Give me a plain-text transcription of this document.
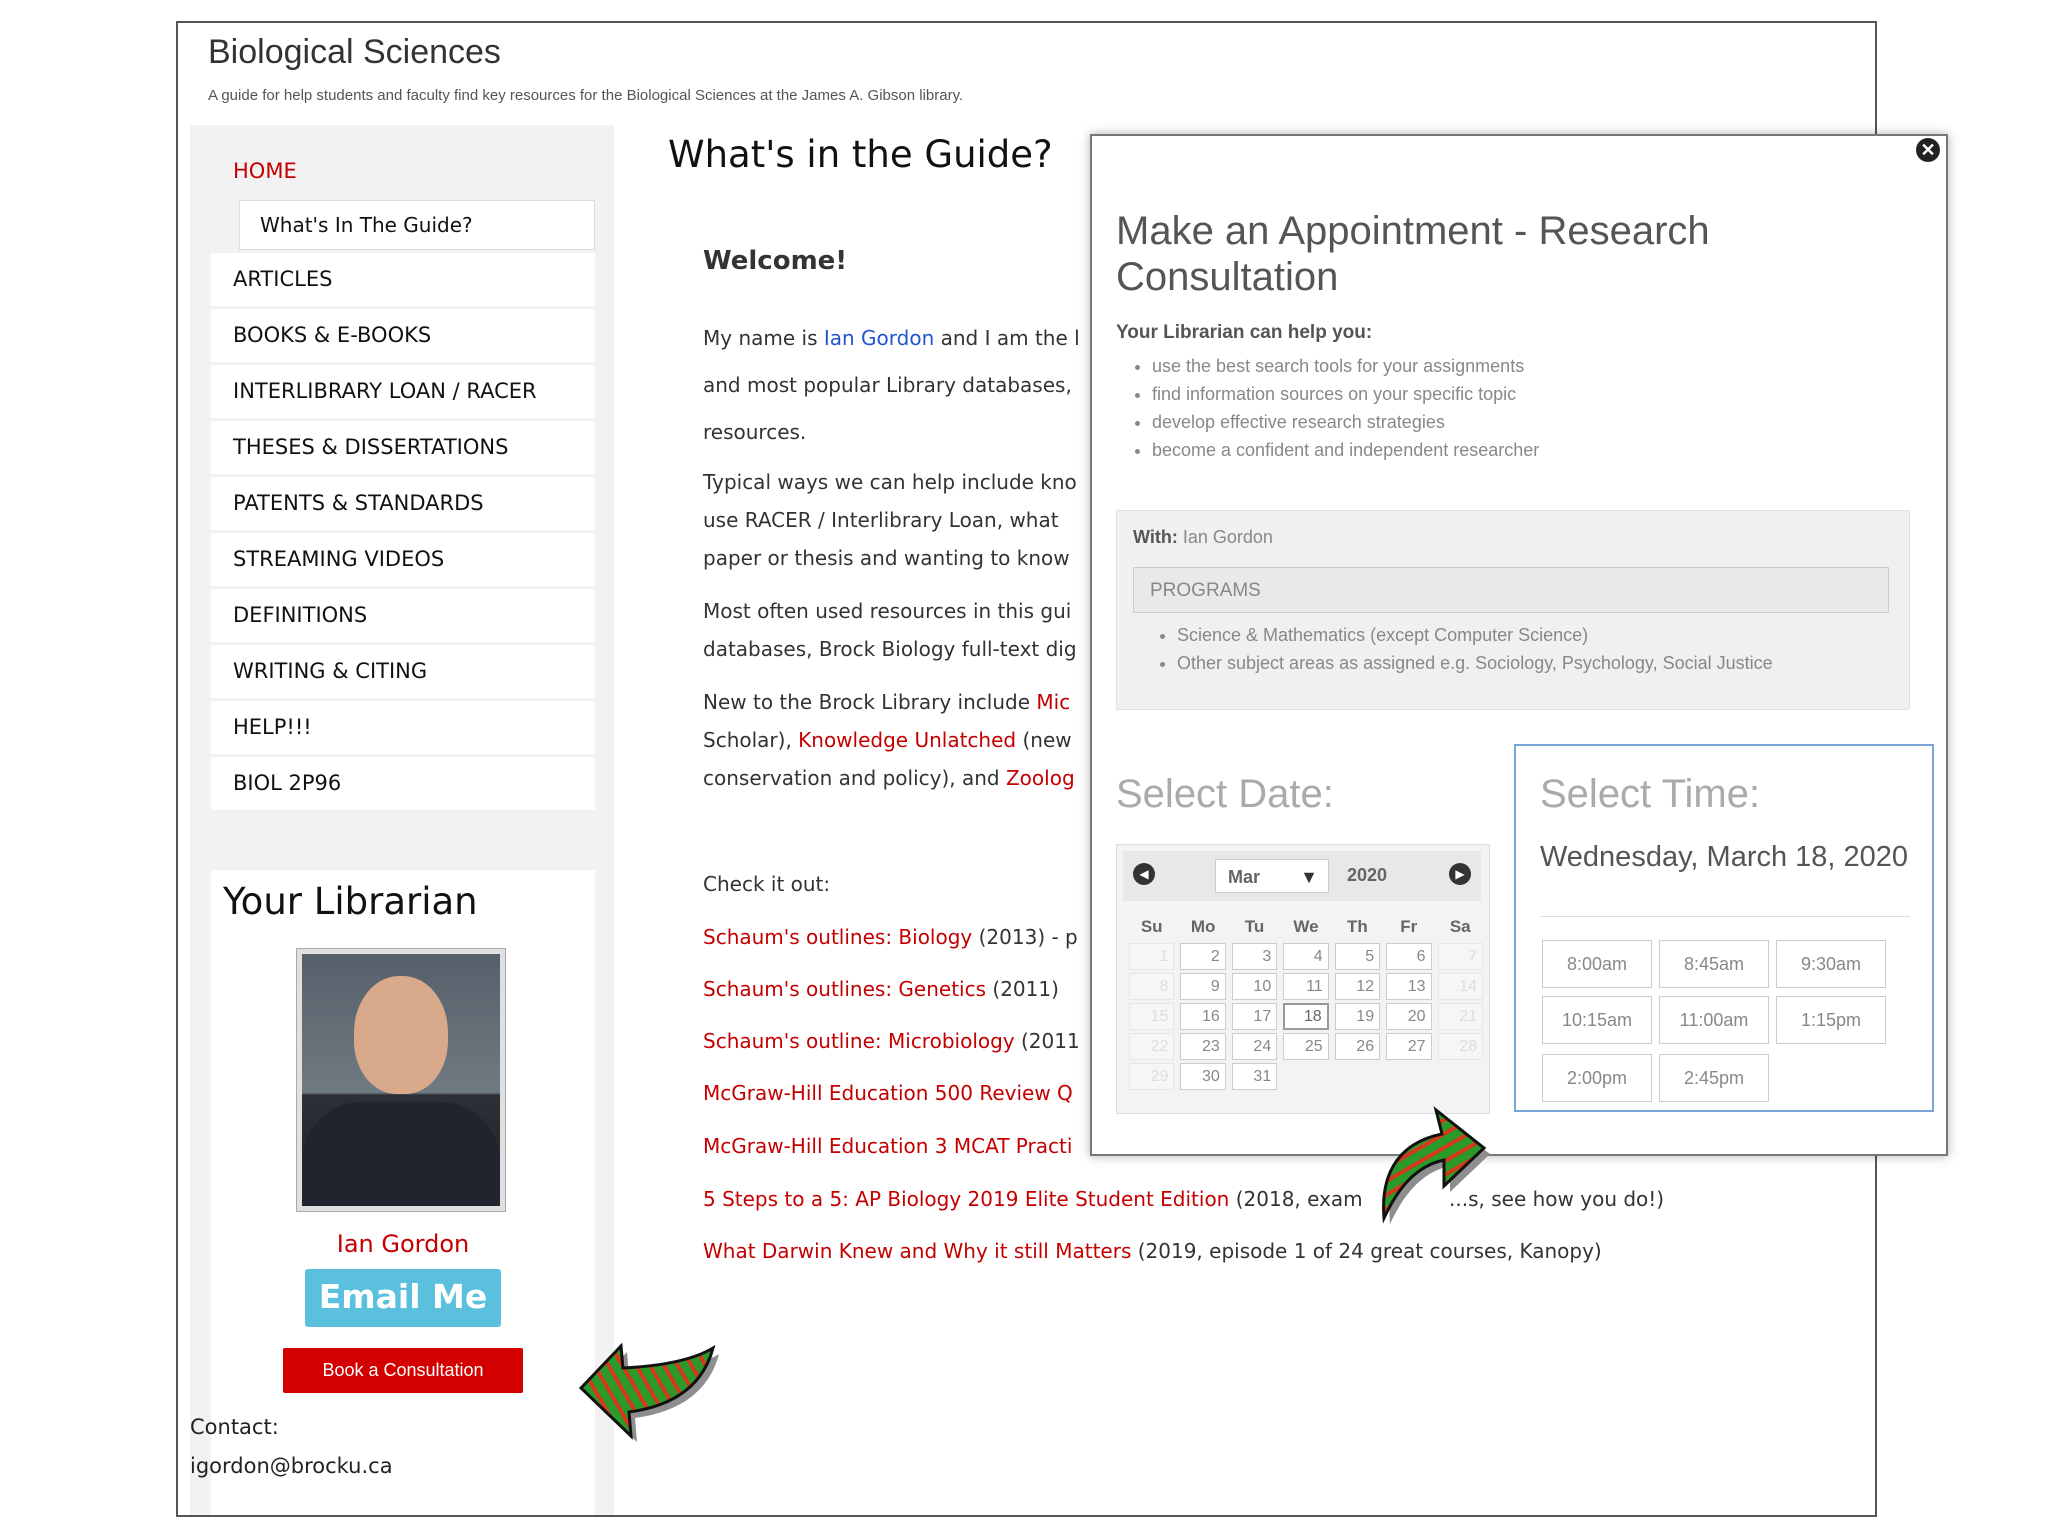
Biological Sciences
A guide for help students and faculty find key resources for the Biological Sciences at the James A. Gibson library.
HOME
What's In The Guide?
ARTICLES
BOOKS & E-BOOKS
INTERLIBRARY LOAN / RACER
THESES & DISSERTATIONS
PATENTS & STANDARDS
STREAMING VIDEOS
DEFINITIONS
WRITING & CITING
HELP!!!
BIOL 2P96
Your Librarian
Ian Gordon
Email Me
Book a Consultation
Contact:
igordon@brocku.ca
What's in the Guide?
Welcome!
My name is Ian Gordon and I am the l
and most popular Library databases,
resources.
Typical ways we can help include kno
use RACER / Interlibrary Loan, what
paper or thesis and wanting to know
Most often used resources in this gui
databases, Brock Biology full-text dig
New to the Brock Library include Mic
Scholar), Knowledge Unlatched (new
conservation and policy), and Zoolog
Check it out:
Schaum's outlines: Biology (2013) - p
Schaum's outlines: Genetics (2011)
Schaum's outline: Microbiology (2011
McGraw-Hill Education 500 Review Q
McGraw-Hill Education 3 MCAT Practi
5 Steps to a 5: AP Biology 2019 Elite Student Edition (2018, exam	...s, see how you do!)
What Darwin Knew and Why it still Matters (2019, episode 1 of 24 great courses, Kanopy)
✕
Make an Appointment - Research Consultation
Your Librarian can help you:
• use the best search tools for your assignments
• find information sources on your specific topic
• develop effective research strategies
• become a confident and independent researcher
With: Ian Gordon
PROGRAMS
• Science & Mathematics (except Computer Science)
• Other subject areas as assigned e.g. Sociology, Psychology, Social Justice
Select Date:
◀	Mar ▼ 2020	▶
Su	Mo	Tu	We	Th	Fr	Sa
1	2	3	4	5	6	7
8	9	10	11	12	13	14
15	16	17	18	19	20	21
22	23	24	25	26	27	28
29	30	31				
Select Time:
Wednesday, March 18, 2020
8:00am	8:45am	9:30am
10:15am	11:00am	1:15pm
2:00pm	2:45pm
